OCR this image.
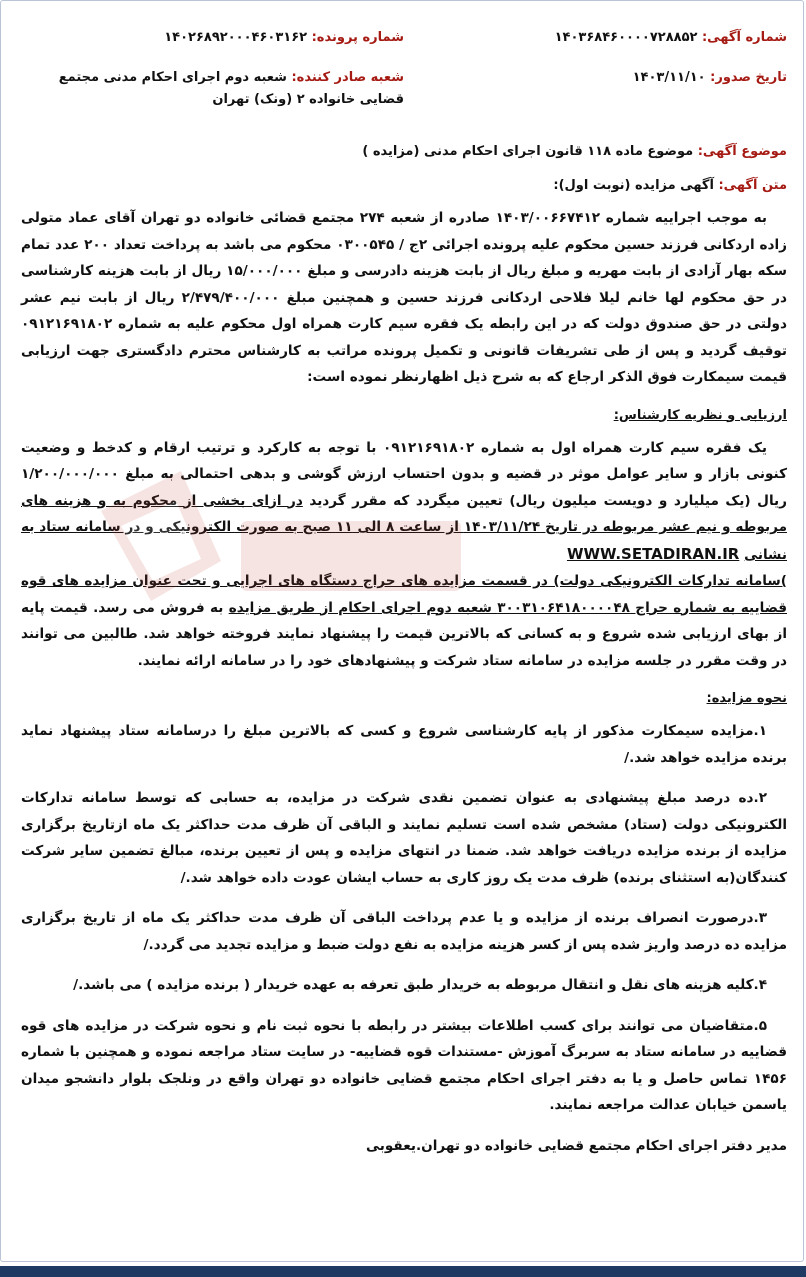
شماره آگهی: ۱۴۰۳۶۸۴۶۰۰۰۰۷۲۸۸۵۲
شماره پرونده: ۱۴۰۲۶۸۹۲۰۰۰۴۶۰۳۱۶۲
تاریخ صدور: ۱۴۰۳/۱۱/۱۰
شعبه صادر کننده: شعبه دوم اجرای احکام مدنی مجتمع قضایی خانواده ۲ (ونک) تهران
موضوع آگهی: موضوع ماده ۱۱۸ قانون اجرای احکام مدنی (مزایده )
متن آگهی: آگهی مزایده (نوبت اول):

به موجب اجراییه شماره ۱۴۰۳/۰۰۶۶۷۴۱۲ صادره از شعبه ۲۷۴ مجتمع قضائی خانواده دو تهران آقای عماد متولی زاده اردکانی فرزند حسین محکوم علیه پرونده اجرائی ۲ج / ۰۳۰۰۵۴۵ محکوم می باشد به پرداخت تعداد ۲۰۰ عدد تمام سکه بهار آزادی از بابت مهریه و مبلغ ریال از بابت هزینه دادرسی و مبلغ ۱۵/۰۰۰/۰۰۰ ریال از بابت هزینه کارشناسی در حق محکوم لها خانم لیلا فلاحی اردکانی فرزند حسین و همچنین مبلغ ۲/۴۷۹/۴۰۰/۰۰۰ ریال از بابت نیم عشر دولتی در حق صندوق دولت که در این رابطه یک فقره سیم کارت همراه اول محکوم علیه به شماره ۰۹۱۲۱۶۹۱۸۰۲ توقیف گردید و پس از طی تشریفات قانونی و تکمیل پرونده مراتب به کارشناس محترم دادگستری جهت ارزیابی قیمت سیمکارت فوق الذکر ارجاع که به شرح ذیل اظهارنظر نموده است:

ارزیابی و نظریه کارشناس:

یک فقره سیم کارت همراه اول به شماره ۰۹۱۲۱۶۹۱۸۰۲ با توجه به کارکرد و ترتیب ارقام و کدخط و وضعیت کنونی بازار و سایر عوامل موثر در قضیه و بدون احتساب ارزش گوشی و بدهی احتمالی به مبلغ ۱/۲۰۰/۰۰۰/۰۰۰ ریال (یک میلیارد و دویست میلیون ریال) تعیین میگردد که مقرر گردید در ازای بخشی از محکوم به و هزینه های مربوطه و نیم عشر مربوطه در تاریخ ۱۴۰۳/۱۱/۲۴ از ساعت ۸ الی ۱۱ صبح به صورت الکترونیکی و در سامانه ستاد به نشانی WWW.SETADIRAN.IR
)سامانه تدارکات الکترونیکی دولت) در قسمت مزایده های حراج دستگاه های اجرایی و تحت عنوان مزایده های قوه قضاییه به شماره حراج ۳۰۰۳۱۰۶۴۱۸۰۰۰۰۴۸ شعبه دوم اجرای احکام از طریق مزایده به فروش می رسد. قیمت پایه از بهای ارزیابی شده شروع و به کسانی که بالاترین قیمت را پیشنهاد نمایند فروخته خواهد شد. طالبین می توانند در وقت مقرر در جلسه مزایده در سامانه ستاد شرکت و پیشنهادهای خود را در سامانه ارائه نمایند.

نحوه مزایده:

۱.مزایده سیمکارت مذکور از پایه کارشناسی شروع و کسی که بالاترین مبلغ را درسامانه ستاد پیشنهاد نماید برنده مزایده خواهد شد./

۲.ده درصد مبلغ پیشنهادی به عنوان تضمین نقدی شرکت در مزایده، به حسابی که توسط سامانه تدارکات الکترونیکی دولت (ستاد) مشخص شده است تسلیم نمایند و الباقی آن ظرف مدت حداکثر یک ماه ازتاریخ برگزاری مزایده از برنده مزایده دریافت خواهد شد. ضمنا در انتهای مزایده و پس از تعیین برنده، مبالغ تضمین سایر شرکت کنندگان(به استثنای برنده) ظرف مدت یک روز کاری به حساب ایشان عودت داده خواهد شد./

۳.درصورت انصراف برنده از مزایده و یا عدم پرداخت الباقی آن ظرف مدت حداکثر یک ماه از تاریخ برگزاری مزایده ده درصد واریز شده پس از کسر هزینه مزایده به نفع دولت ضبط و مزایده تجدید می گردد./

۴.کلیه هزینه های نقل و انتقال مربوطه به خریدار طبق تعرفه به عهده خریدار ( برنده مزایده ) می باشد./

۵.متقاضیان می توانند برای کسب اطلاعات بیشتر در رابطه با نحوه ثبت نام و نحوه شرکت در مزایده های قوه قضاییه در سامانه ستاد به سربرگ آموزش -مستندات قوه قضاییه- در سایت ستاد مراجعه نموده و همچنین با شماره ۱۴۵۶ تماس حاصل و یا به دفتر اجرای احکام مجتمع قضایی خانواده دو تهران واقع در ونلجک بلوار دانشجو میدان یاسمن خیابان عدالت مراجعه نمایند.

مدیر دفتر اجرای احکام مجتمع قضایی خانواده دو تهران.یعقوبی
